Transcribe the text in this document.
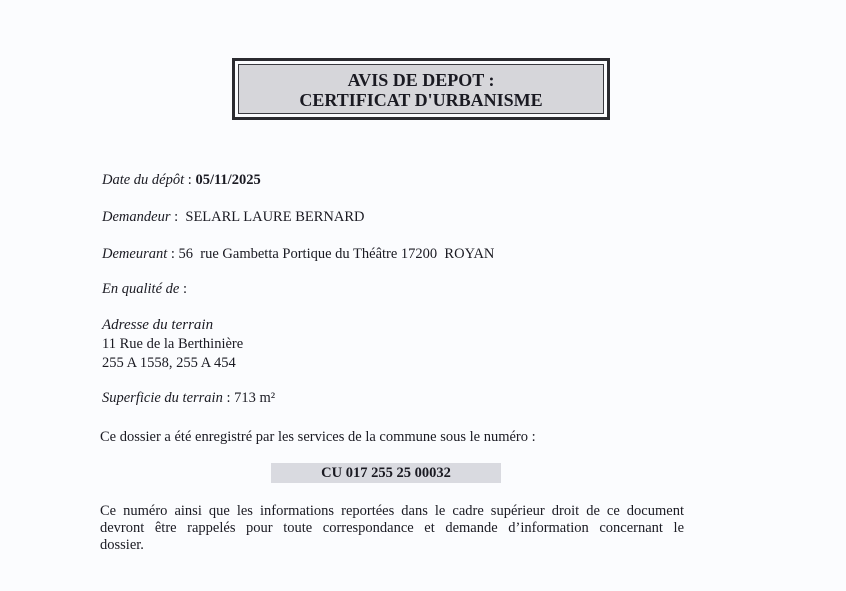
AVIS DE DEPOT :
CERTIFICAT D'URBANISME
Date du dépôt : 05/11/2025
Demandeur :  SELARL LAURE BERNARD
Demeurant : 56  rue Gambetta Portique du Théâtre 17200  ROYAN
En qualité de :
Adresse du terrain
11 Rue de la Berthinière
255 A 1558, 255 A 454
Superficie du terrain : 713 m²
Ce dossier a été enregistré par les services de la commune sous le numéro :
CU 017 255 25 00032
Ce numéro ainsi que les informations reportées dans le cadre supérieur droit de ce document
devront être rappelés pour toute correspondance et demande d’information concernant le
dossier.
